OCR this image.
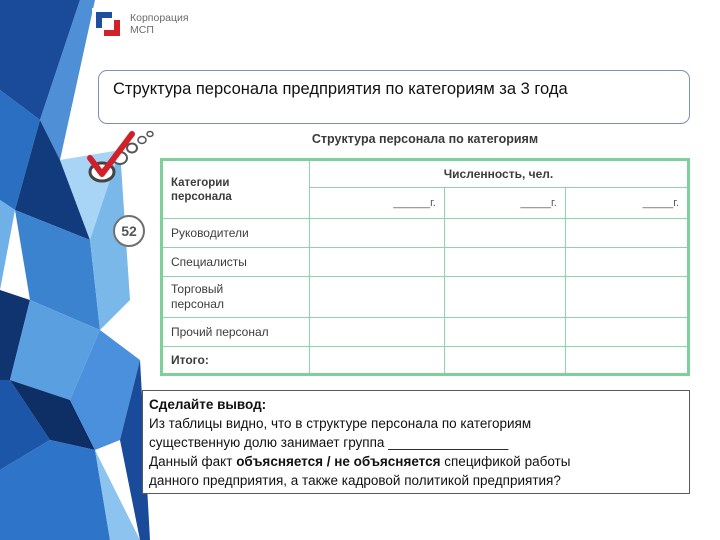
Корпорация
МСП
Структура персонала предприятия по категориям за 3 года
52
Структура персонала по категориям
Категории персонала	Численность, чел.		
	______г.	_____г.	_____г.
Руководители			
Специалисты			

Торговый персонал			

Прочий персонал			
Итого:			
Сделайте вывод:
Из таблицы видно, что в структуре персонала по категориям
существенную долю занимает группа ________________
Данный факт объясняется / не объясняется спецификой работы
данного предприятия, а также кадровой политикой предприятия?
